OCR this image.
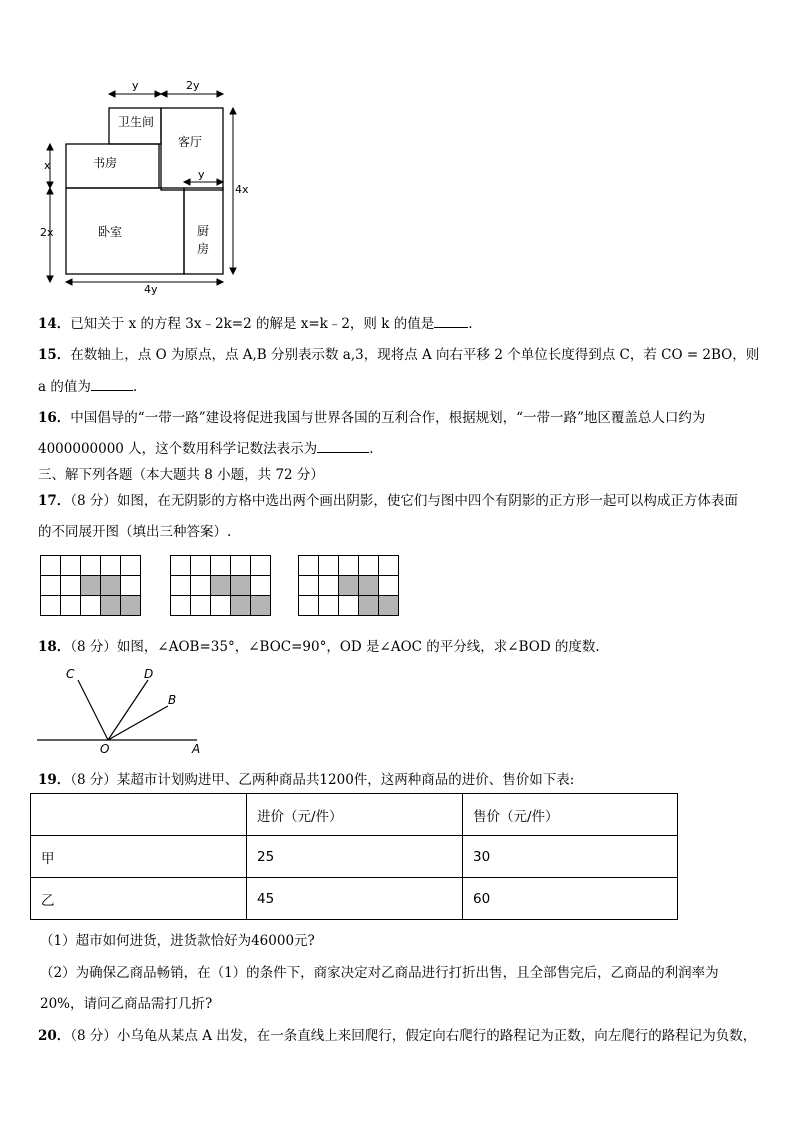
y	2y
x
2x
4x
4y
y
卫生间
客厅
书房
卧室	厨
房
14．已知关于 x 的方程 3x﹣2k=2 的解是 x=k﹣2，则 k 的值是	.
15．在数轴上，点 O 为原点，点 A,B 分别表示数 a,3，现将点 A 向右平移 2 个单位长度得到点 C，若 CO = 2BO，则
a 的值为	.
16．中国倡导的“一带一路”建设将促进我国与世界各国的互利合作，根据规划，“一带一路”地区覆盖总人口约为
4000000000 人，这个数用科学记数法表示为	.
三、解下列各题（本大题共 8 小题，共 72 分）
17．（8 分）如图，在无阴影的方格中选出两个画出阴影，使它们与图中四个有阴影的正方形一起可以构成正方体表面
的不同展开图（填出三种答案）.
18．（8 分）如图，∠AOB=35°，∠BOC=90°，OD 是∠AOC 的平分线，求∠BOD 的度数.
C	D
B
O	A
19．（8 分）某超市计划购进甲、乙两种商品共1200件，这两种商品的进价、售价如下表:
	进价（元/件）	售价（元/件）
甲	25	30
乙	45	60
（1）超市如何进货，进货款恰好为46000元?
（2）为确保乙商品畅销，在（1）的条件下，商家决定对乙商品进行打折出售，且全部售完后，乙商品的利润率为
20%，请问乙商品需打几折?
20．（8 分）小乌龟从某点 A 出发，在一条直线上来回爬行，假定向右爬行的路程记为正数，向左爬行的路程记为负数，
